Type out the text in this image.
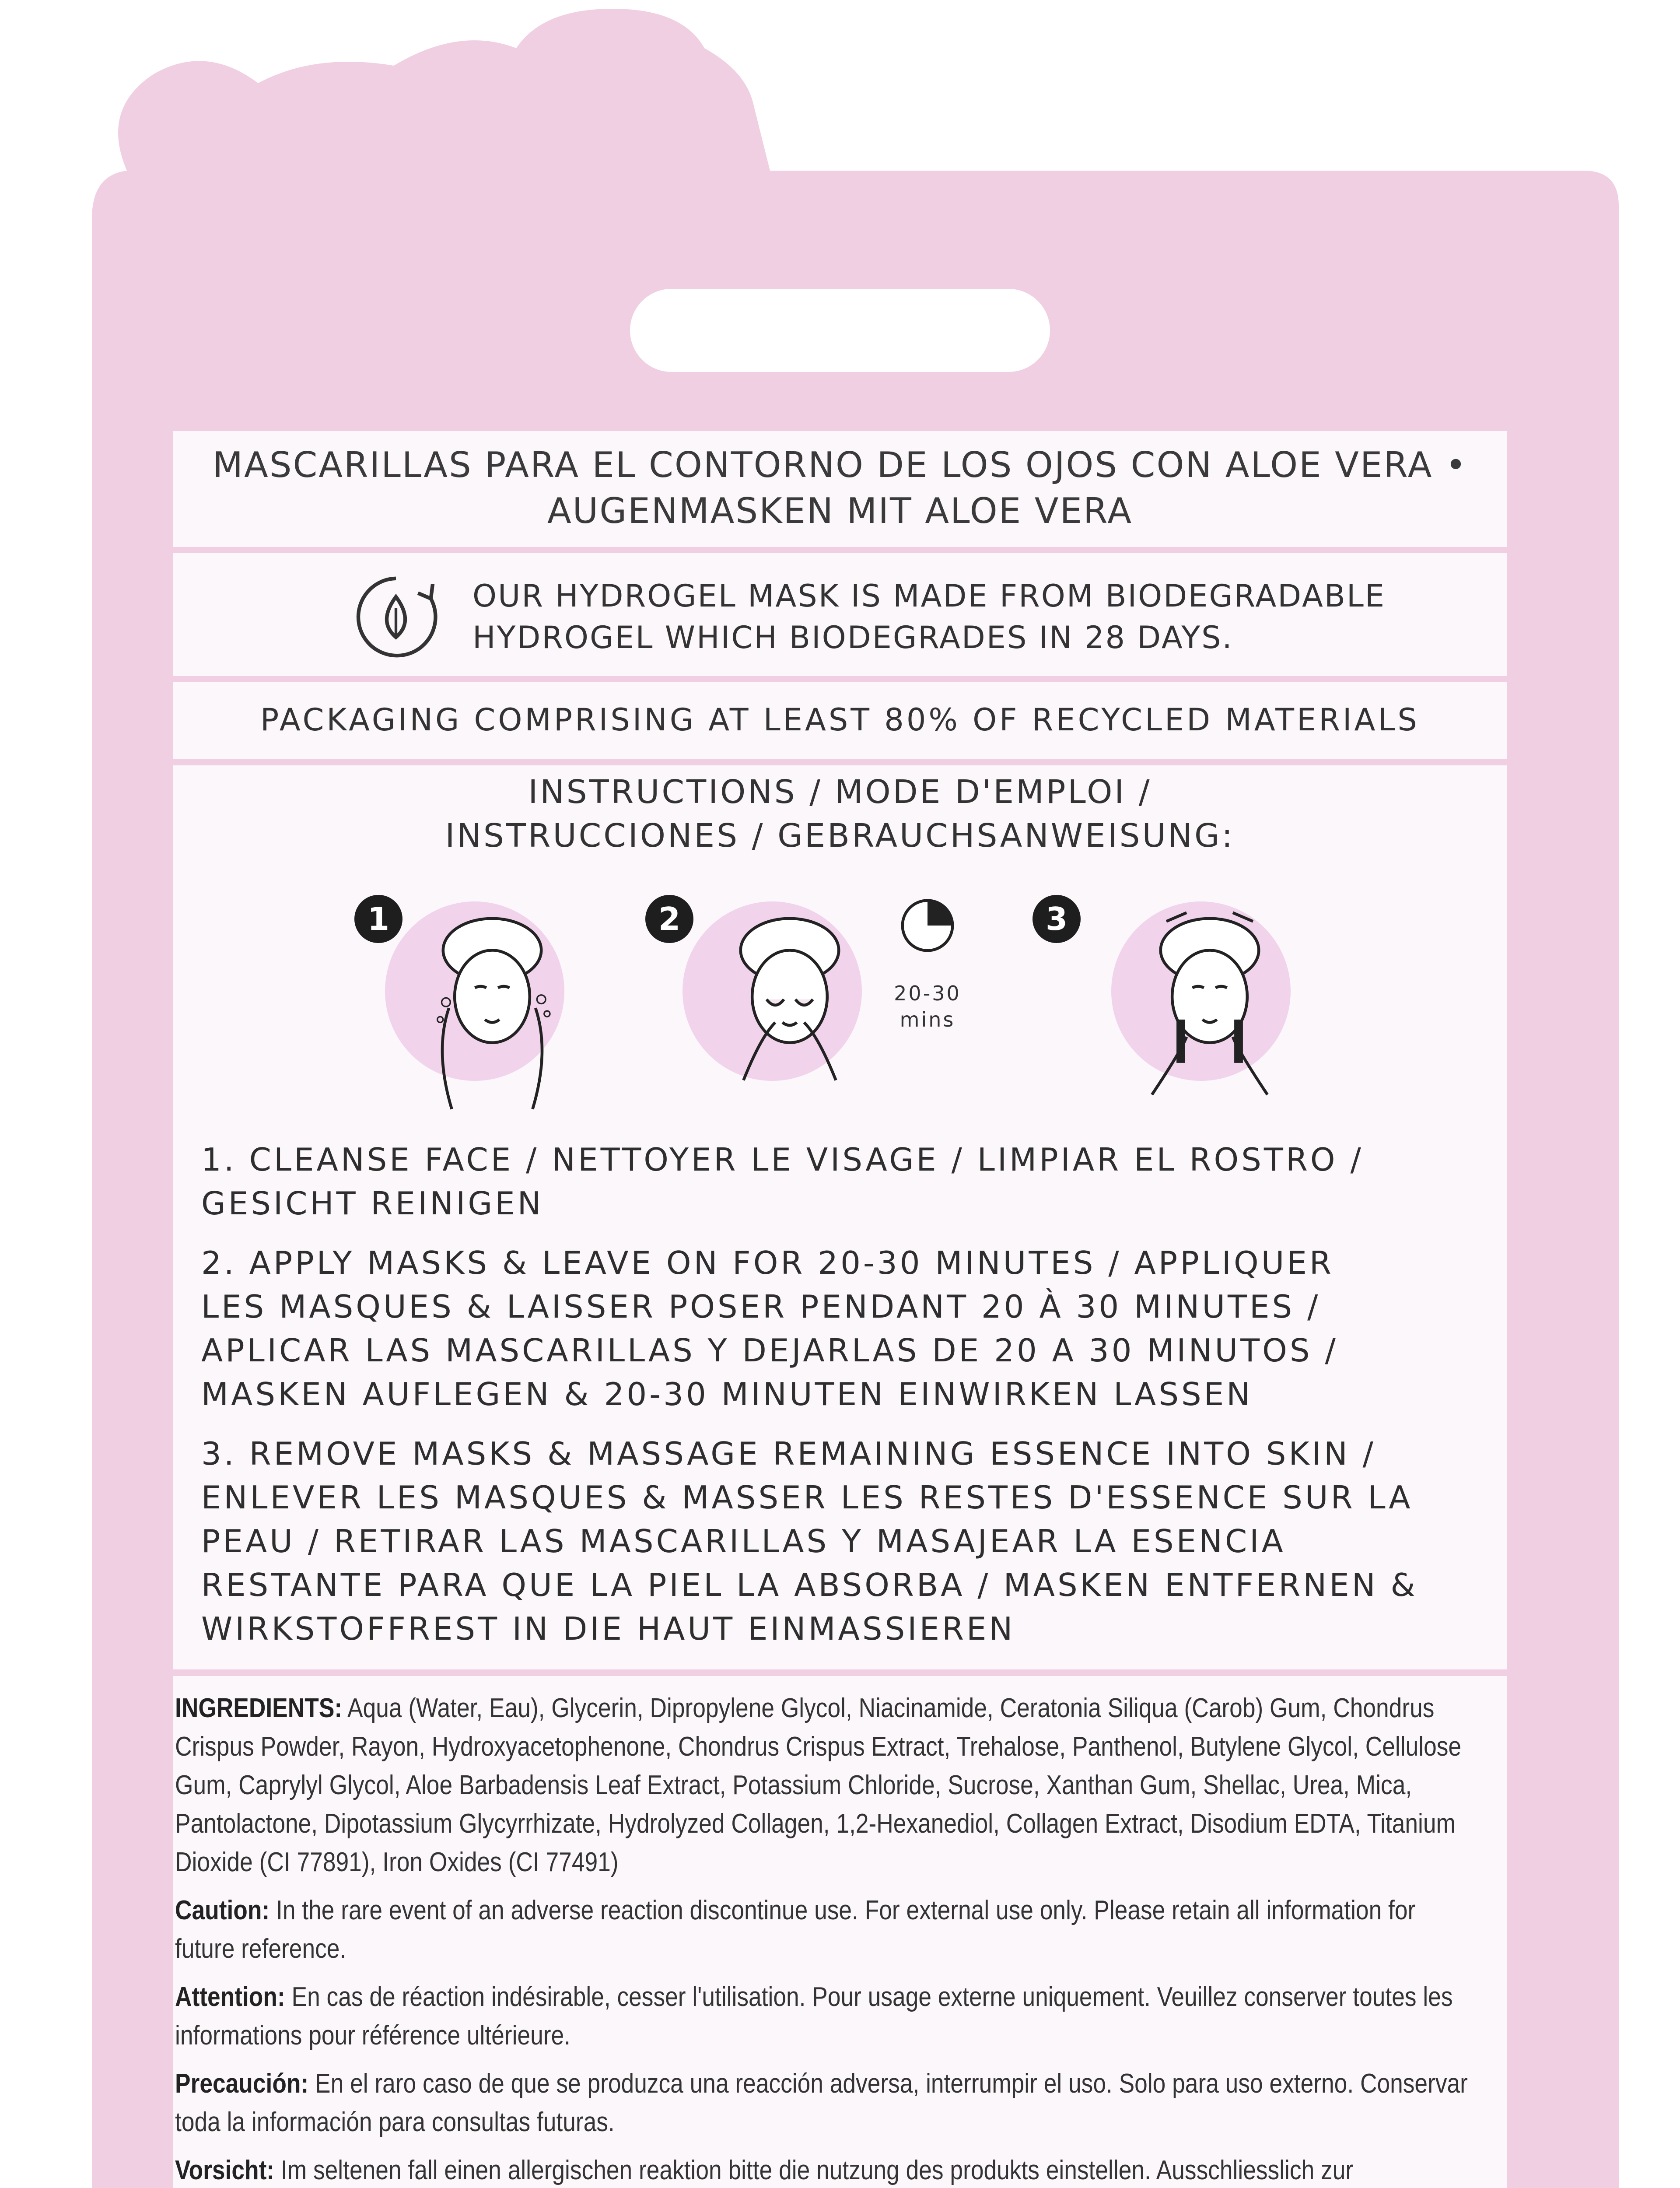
MASCARILLAS PARA EL CONTORNO DE LOS OJOS CON ALOE VERA •
AUGENMASKEN MIT ALOE VERA
OUR HYDROGEL MASK IS MADE FROM BIODEGRADABLE
HYDROGEL WHICH BIODEGRADES IN 28 DAYS.
PACKAGING COMPRISING AT LEAST 80% OF RECYCLED MATERIALS
INSTRUCTIONS / MODE D'EMPLOI /
INSTRUCCIONES / GEBRAUCHSANWEISUNG:
1	2	3
20-30
mins

1. CLEANSE FACE / NETTOYER LE VISAGE / LIMPIAR EL ROSTRO /
GESICHT REINIGEN

2. APPLY MASKS & LEAVE ON FOR 20-30 MINUTES / APPLIQUER
LES MASQUES & LAISSER POSER PENDANT 20 À 30 MINUTES /
APLICAR LAS MASCARILLAS Y DEJARLAS DE 20 A 30 MINUTOS /
MASKEN AUFLEGEN & 20-30 MINUTEN EINWIRKEN LASSEN

3. REMOVE MASKS & MASSAGE REMAINING ESSENCE INTO SKIN /
ENLEVER LES MASQUES & MASSER LES RESTES D'ESSENCE SUR LA
PEAU / RETIRAR LAS MASCARILLAS Y MASAJEAR LA ESENCIA
RESTANTE PARA QUE LA PIEL LA ABSORBA / MASKEN ENTFERNEN &
WIRKSTOFFREST IN DIE HAUT EINMASSIEREN

INGREDIENTS: Aqua (Water, Eau), Glycerin, Dipropylene Glycol, Niacinamide, Ceratonia Siliqua (Carob) Gum, Chondrus Crispus Powder, Rayon, Hydroxyacetophenone, Chondrus Crispus Extract, Trehalose, Panthenol, Butylene Glycol, Cellulose Gum, Caprylyl Glycol, Aloe Barbadensis Leaf Extract, Potassium Chloride, Sucrose, Xanthan Gum, Shellac, Urea, Mica, Pantolactone, Dipotassium Glycyrrhizate, Hydrolyzed Collagen, 1,2-Hexanediol, Collagen Extract, Disodium EDTA, Titanium Dioxide (CI 77891), Iron Oxides (CI 77491)

Caution: In the rare event of an adverse reaction discontinue use. For external use only. Please retain all information for future reference.

Attention: En cas de réaction indésirable, cesser l'utilisation. Pour usage externe uniquement. Veuillez conserver toutes les informations pour référence ultérieure.

Precaución: En el raro caso de que se produzca una reacción adversa, interrumpir el uso. Solo para uso externo. Conservar toda la información para consultas futuras.

Vorsicht: Im seltenen fall einen allergischen reaktion bitte die nutzung des produkts einstellen. Ausschliesslich zur
